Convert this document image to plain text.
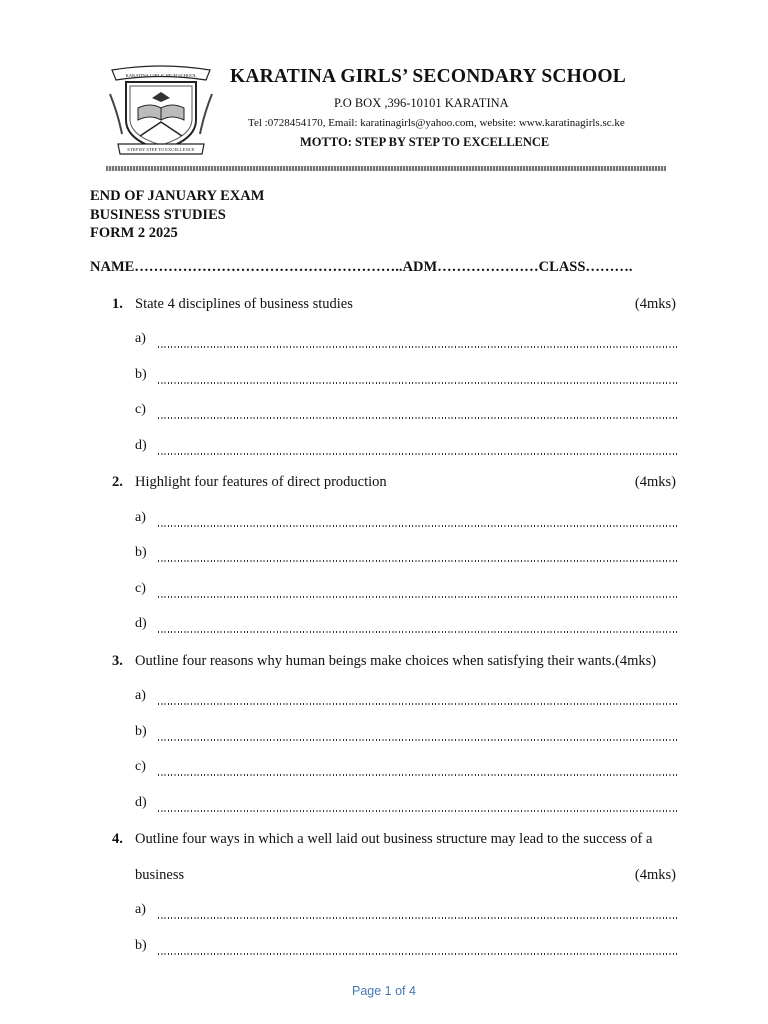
KARATINA GIRLS’ HIGH SCHOOL
STEP BY STEP TO EXCELLENCE
KARATINA GIRLS’ SECONDARY SCHOOL
P.O BOX ,396-10101 KARATINA
Tel :0728454170, Email: karatinagirls@yahoo.com, website: www.karatinagirls.sc.ke
MOTTO: STEP BY STEP TO EXCELLENCE
END OF JANUARY EXAM
BUSINESS STUDIES
FORM 2 2025
NAME………………………………………………..ADM…………………CLASS……….
1. State 4 disciplines of business studies	(4mks)
a)
b)
c)
d)
2. Highlight four features of direct production	(4mks)
a)
b)
c)
d)
3. Outline four reasons why human beings make choices when satisfying their wants.(4mks)
a)
b)
c)
d)
4. Outline four ways in which a well laid out business structure may lead to the success of a
business	(4mks)
a)
b)
Page 1 of 4
